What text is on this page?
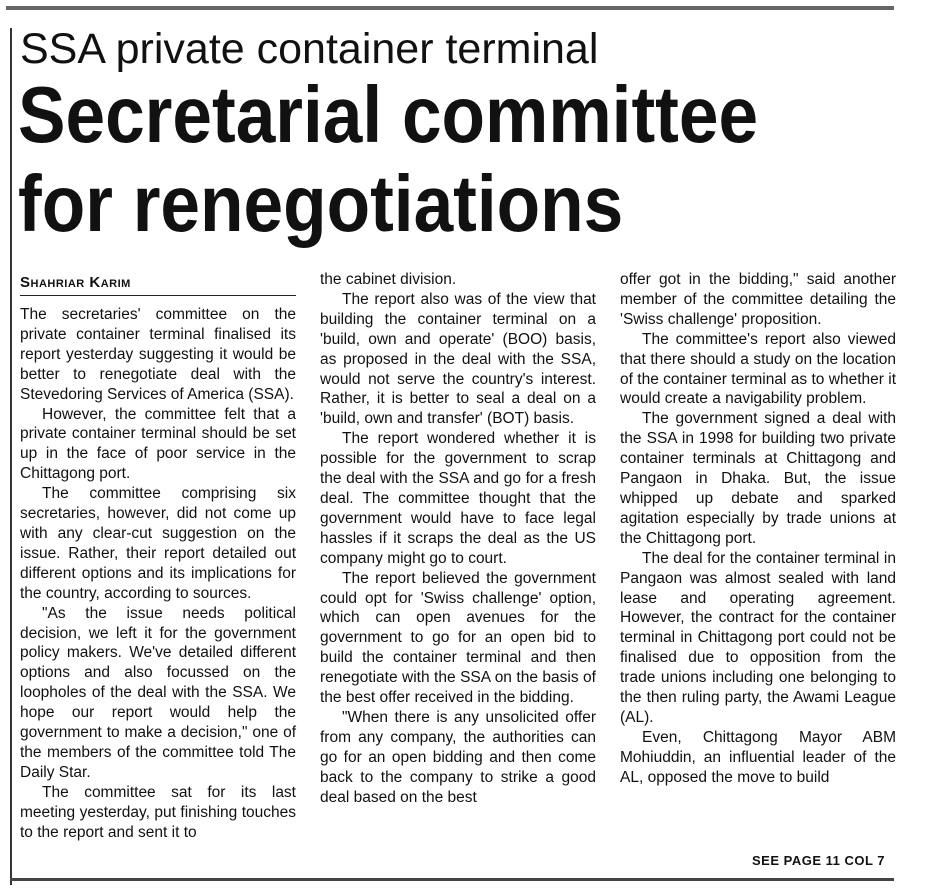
SSA private container terminal
Secretarial committee
for renegotiations
Shahriar Karim

The secretaries' committee on the private container terminal finalised its report yesterday suggesting it would be better to renegotiate deal with the Stevedoring Services of America (SSA).

However, the committee felt that a private container terminal should be set up in the face of poor service in the Chittagong port.

The committee comprising six secretaries, however, did not come up with any clear-cut suggestion on the issue. Rather, their report detailed out different options and its implications for the country, according to sources.

"As the issue needs political decision, we left it for the government policy makers. We've detailed different options and also focussed on the loopholes of the deal with the SSA. We hope our report would help the government to make a decision," one of the members of the committee told The Daily Star.

The committee sat for its last meeting yesterday, put finishing touches to the report and sent it to

the cabinet division.

The report also was of the view that building the container terminal on a 'build, own and operate' (BOO) basis, as proposed in the deal with the SSA, would not serve the country's interest. Rather, it is better to seal a deal on a 'build, own and transfer' (BOT) basis.

The report wondered whether it is possible for the government to scrap the deal with the SSA and go for a fresh deal. The committee thought that the government would have to face legal hassles if it scraps the deal as the US company might go to court.

The report believed the government could opt for 'Swiss challenge' option, which can open avenues for the government to go for an open bid to build the container terminal and then renegotiate with the SSA on the basis of the best offer received in the bidding.

"When there is any unsolicited offer from any company, the authorities can go for an open bidding and then come back to the company to strike a good deal based on the best

offer got in the bidding," said another member of the committee detailing the 'Swiss challenge' proposition.

The committee's report also viewed that there should a study on the location of the container terminal as to whether it would create a navigability problem.

The government signed a deal with the SSA in 1998 for building two private container terminals at Chittagong and Pangaon in Dhaka. But, the issue whipped up debate and sparked agitation especially by trade unions at the Chittagong port.

The deal for the container terminal in Pangaon was almost sealed with land lease and operating agreement. However, the contract for the container terminal in Chittagong port could not be finalised due to opposition from the trade unions including one belonging to the then ruling party, the Awami League (AL).

Even, Chittagong Mayor ABM Mohiuddin, an influential leader of the AL, opposed the move to build

SEE PAGE 11 COL 7
